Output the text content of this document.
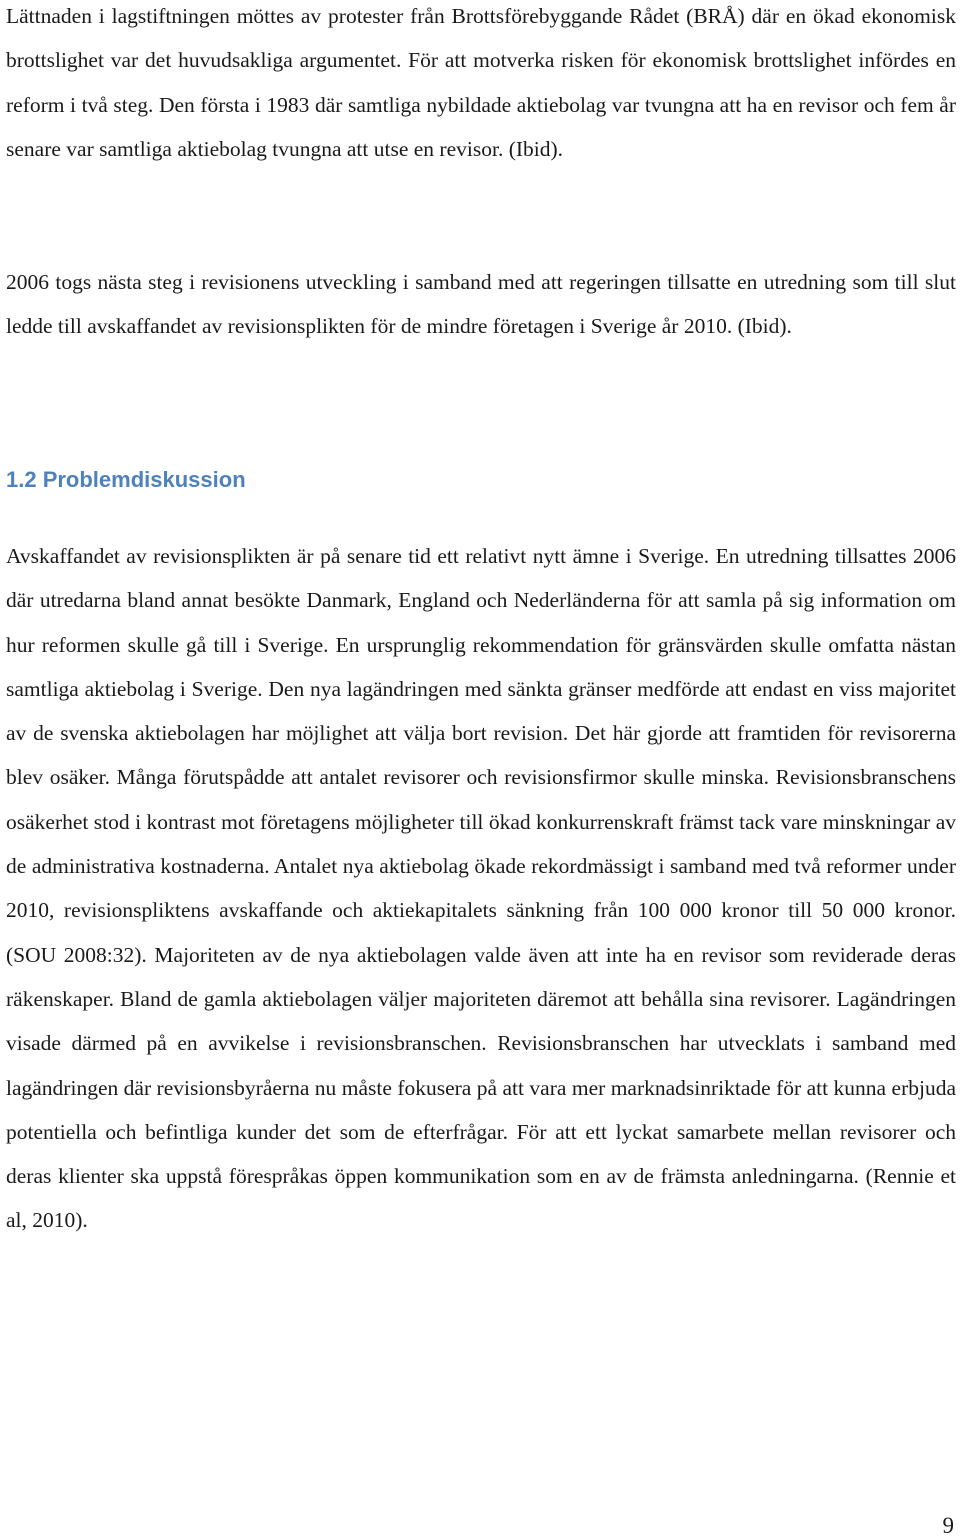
Lättnaden i lagstiftningen möttes av protester från Brottsförebyggande Rådet (BRÅ) där en ökad ekonomisk brottslighet var det huvudsakliga argumentet. För att motverka risken för ekonomisk brottslighet infördes en reform i två steg. Den första i 1983 där samtliga nybildade aktiebolag var tvungna att ha en revisor och fem år senare var samtliga aktiebolag tvungna att utse en revisor. (Ibid).

2006 togs nästa steg i revisionens utveckling i samband med att regeringen tillsatte en utredning som till slut ledde till avskaffandet av revisionsplikten för de mindre företagen i Sverige år 2010. (Ibid).

1.2 Problemdiskussion

Avskaffandet av revisionsplikten är på senare tid ett relativt nytt ämne i Sverige. En utredning tillsattes 2006 där utredarna bland annat besökte Danmark, England och Nederländerna för att samla på sig information om hur reformen skulle gå till i Sverige. En ursprunglig rekommendation för gränsvärden skulle omfatta nästan samtliga aktiebolag i Sverige. Den nya lagändringen med sänkta gränser medförde att endast en viss majoritet av de svenska aktiebolagen har möjlighet att välja bort revision. Det här gjorde att framtiden för revisorerna blev osäker. Många förutspådde att antalet revisorer och revisionsfirmor skulle minska. Revisionsbranschens osäkerhet stod i kontrast mot företagens möjligheter till ökad konkurrenskraft främst tack vare minskningar av de administrativa kostnaderna. Antalet nya aktiebolag ökade rekordmässigt i samband med två reformer under 2010, revisionspliktens avskaffande och aktiekapitalets sänkning från 100 000 kronor till 50 000 kronor. (SOU 2008:32). Majoriteten av de nya aktiebolagen valde även att inte ha en revisor som reviderade deras räkenskaper. Bland de gamla aktiebolagen väljer majoriteten däremot att behålla sina revisorer. Lagändringen visade därmed på en avvikelse i revisionsbranschen. Revisionsbranschen har utvecklats i samband med lagändringen där revisionsbyråerna nu måste fokusera på att vara mer marknadsinriktade för att kunna erbjuda potentiella och befintliga kunder det som de efterfrågar. För att ett lyckat samarbete mellan revisorer och deras klienter ska uppstå förespråkas öppen kommunikation som en av de främsta anledningarna. (Rennie et al, 2010).

9
